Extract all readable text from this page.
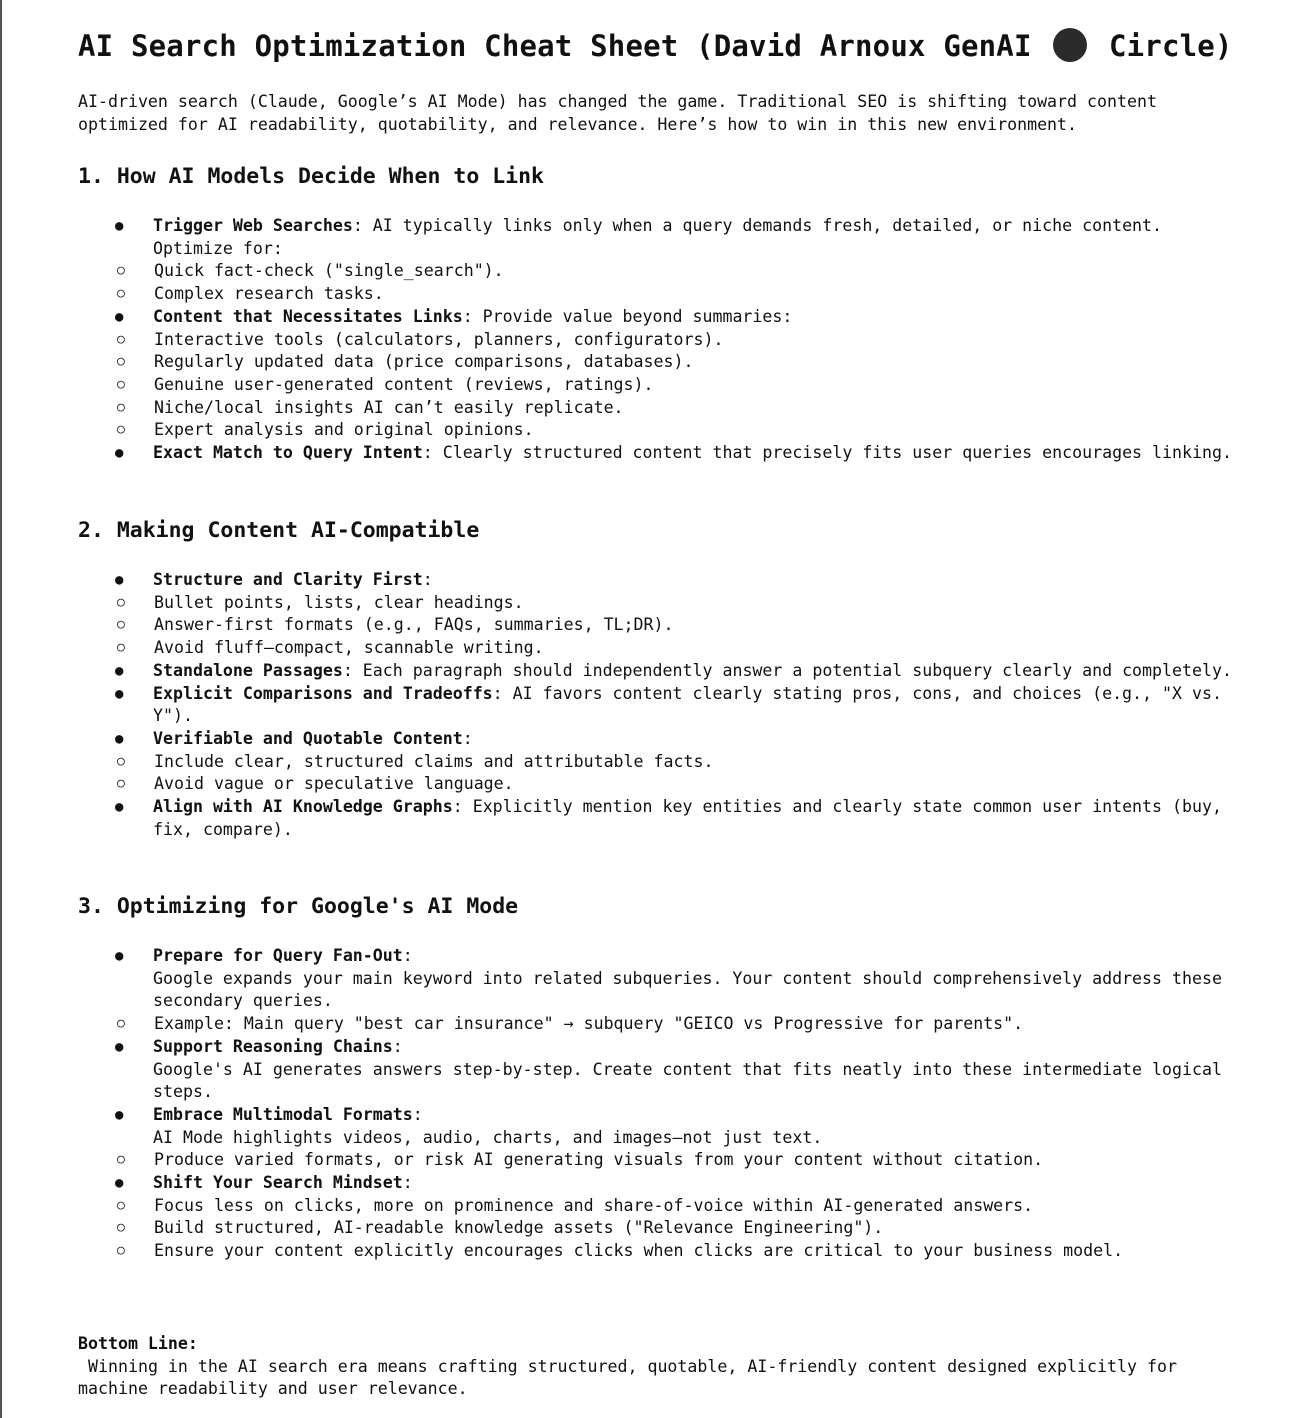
AI Search Optimization Cheat Sheet (David Arnoux GenAI	Circle)

AI-driven search (Claude, Google’s AI Mode) has changed the game. Traditional SEO is shifting toward content optimized for AI readability, quotability, and relevance. Here’s how to win in this new environment.

1. How AI Models Decide When to Link
● Trigger Web Searches: AI typically links only when a query demands fresh, detailed, or niche content. Optimize for:
○ Quick fact-check ("single_search").
○ Complex research tasks.
● Content that Necessitates Links: Provide value beyond summaries:
○ Interactive tools (calculators, planners, configurators).
○ Regularly updated data (price comparisons, databases).
○ Genuine user-generated content (reviews, ratings).
○ Niche/local insights AI can’t easily replicate.
○ Expert analysis and original opinions.
● Exact Match to Query Intent: Clearly structured content that precisely fits user queries encourages linking.
2. Making Content AI-Compatible
● Structure and Clarity First:
○ Bullet points, lists, clear headings.
○ Answer-first formats (e.g., FAQs, summaries, TL;DR).
○ Avoid fluff—compact, scannable writing.
● Standalone Passages: Each paragraph should independently answer a potential subquery clearly and completely.
● Explicit Comparisons and Tradeoffs: AI favors content clearly stating pros, cons, and choices (e.g., "X vs. Y").
● Verifiable and Quotable Content:
○ Include clear, structured claims and attributable facts.
○ Avoid vague or speculative language.
● Align with AI Knowledge Graphs: Explicitly mention key entities and clearly state common user intents (buy, fix, compare).
3. Optimizing for Google's AI Mode
● Prepare for Query Fan-Out:
Google expands your main keyword into related subqueries. Your content should comprehensively address these secondary queries.
○ Example: Main query "best car insurance" → subquery "GEICO vs Progressive for parents".
● Support Reasoning Chains:
Google's AI generates answers step-by-step. Create content that fits neatly into these intermediate logical steps.
● Embrace Multimodal Formats:
AI Mode highlights videos, audio, charts, and images—not just text.
○ Produce varied formats, or risk AI generating visuals from your content without citation.
● Shift Your Search Mindset:
○ Focus less on clicks, more on prominence and share-of-voice within AI-generated answers.
○ Build structured, AI-readable knowledge assets ("Relevance Engineering").
○ Ensure your content explicitly encourages clicks when clicks are critical to your business model.
Bottom Line:
Winning in the AI search era means crafting structured, quotable, AI-friendly content designed explicitly for machine readability and user relevance.
